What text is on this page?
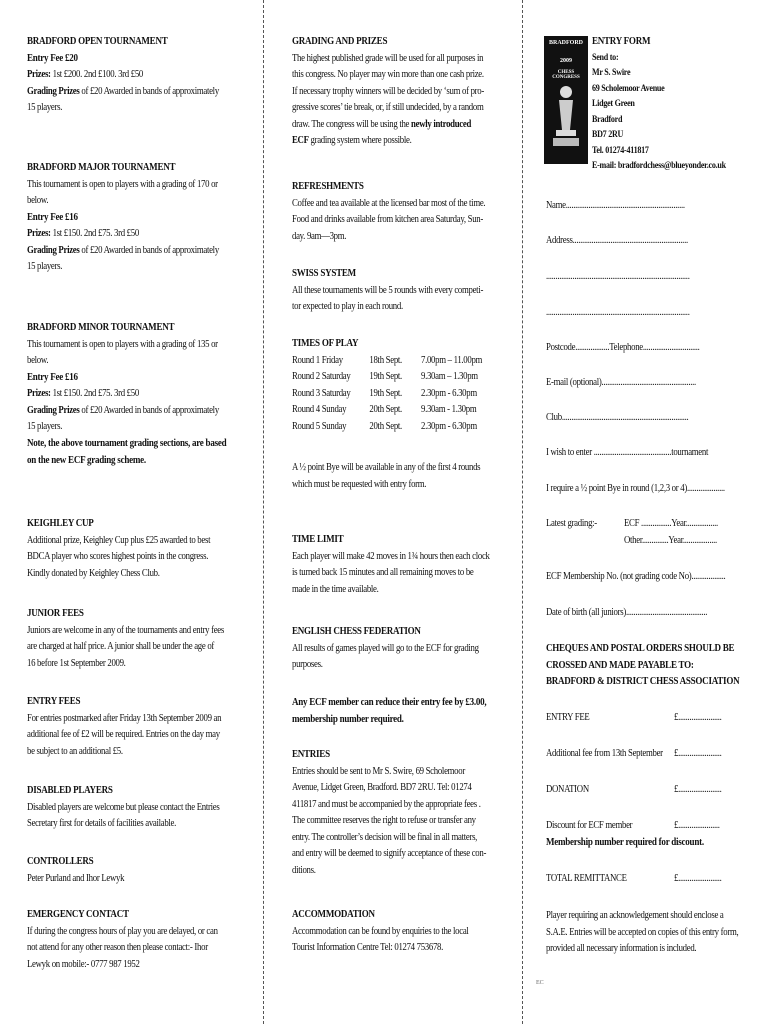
BRADFORD OPEN TOURNAMENT
Entry Fee £20
Prizes: 1st £200. 2nd £100. 3rd £50
Grading Prizes of £20 Awarded in bands of approximately
15 players.
BRADFORD MAJOR TOURNAMENT
This tournament is open to players with a grading of 170 or
below.
Entry Fee £16
Prizes: 1st £150. 2nd £75. 3rd £50
Grading Prizes of £20 Awarded in bands of approximately
15 players.
BRADFORD MINOR TOURNAMENT
This tournament is open to players with a grading of 135 or
below.
Entry Fee £16
Prizes: 1st £150. 2nd £75. 3rd £50
Grading Prizes of £20 Awarded in bands of approximately
15 players.
Note, the above tournament grading sections, are based
on the new ECF grading scheme.
KEIGHLEY CUP
Additional prize, Keighley Cup plus £25 awarded to best
BDCA player who scores highest points in the congress.
Kindly donated by Keighley Chess Club.
JUNIOR FEES
Juniors are welcome in any of the tournaments and entry fees
are charged at half price. A junior shall be under the age of
16 before 1st September 2009.
ENTRY FEES
For entries postmarked after Friday 13th September 2009 an
additional fee of £2 will be required. Entries on the day may
be subject to an additional £5.
DISABLED PLAYERS
Disabled players are welcome but please contact the Entries
Secretary first for details of facilities available.
CONTROLLERS
Peter Purland and Ihor Lewyk
EMERGENCY CONTACT
If during the congress hours of play you are delayed, or can
not attend for any other reason then please contact:- Ihor
Lewyk on mobile:- 0777 987 1952
GRADING AND PRIZES
The highest published grade will be used for all purposes in
this congress. No player may win more than one cash prize.
If necessary trophy winners will be decided by ‘sum of pro-
gressive scores’ tie break, or, if still undecided, by a random
draw. The congress will be using the newly introduced
ECF grading system where possible.
REFRESHMENTS
Coffee and tea available at the licensed bar most of the time.
Food and drinks available from kitchen area Saturday, Sun-
day. 9am—3pm.
SWISS SYSTEM
All these tournaments will be 5 rounds with every competi-
tor expected to play in each round.
TIMES OF PLAY
Round 1 Friday	18th Sept. 7.00pm – 11.00pm
Round 2 Saturday 19th Sept. 9.30am – 1.30pm
Round 3 Saturday 19th Sept. 2.30pm - 6.30pm
Round 4 Sunday 20th Sept. 9.30am - 1.30pm
Round 5 Sunday 20th Sept. 2.30pm - 6.30pm
A ½ point Bye will be available in any of the first 4 rounds
which must be requested with entry form.
TIME LIMIT
Each player will make 42 moves in 1¾ hours then each clock
is turned back 15 minutes and all remaining moves to be
made in the time available.
ENGLISH CHESS FEDERATION
All results of games played will go to the ECF for grading
purposes.
Any ECF member can reduce their entry fee by £3.00,
membership number required.
ENTRIES
Entries should be sent to Mr S. Swire, 69 Scholemoor
Avenue, Lidget Green, Bradford. BD7 2RU. Tel: 01274
411817 and must be accompanied by the appropriate fees .
The committee reserves the right to refuse or transfer any
entry. The controller’s decision will be final in all matters,
and entry will be deemed to signify acceptance of these con-
ditions.
ACCOMMODATION
Accommodation can be found by enquiries to the local
Tourist Information Centre Tel: 01274 753678.
BRADFORD
2009
CHESS CONGRESS
ENTRY FORM
Send to:
Mr S. Swire
69 Scholemoor Avenue
Lidget Green
Bradford
BD7 2RU
Tel. 01274-411817
E-mail: bradfordchess@blueyonder.co.uk
Name...............................................................
Address.............................................................
............................................................................
............................................................................
Postcode..................Telephone..............................
E-mail (optional)..................................................
Club...................................................................
I wish to enter .........................................tournament
I require a ½ point Bye in round (1,2,3 or 4)....................
Latest grading:-	ECF ................Year.................
Other..............Year..................
ECF Membership No. (not grading code No)..................
Date of birth (all juniors)...........................................
CHEQUES AND POSTAL ORDERS SHOULD BE
CROSSED AND MADE PAYABLE TO:
BRADFORD & DISTRICT CHESS ASSOCIATION
ENTRY FEE	£.......................
Additional fee from 13th September £.......................
DONATION	£.......................
Discount for ECF member	£......................
TOTAL REMITTANCE	£.......................
Membership number required for discount.
Player requiring an acknowledgement should enclose a
S.A.E. Entries will be accepted on copies of this entry form,
provided all necessary information is included.
EC
